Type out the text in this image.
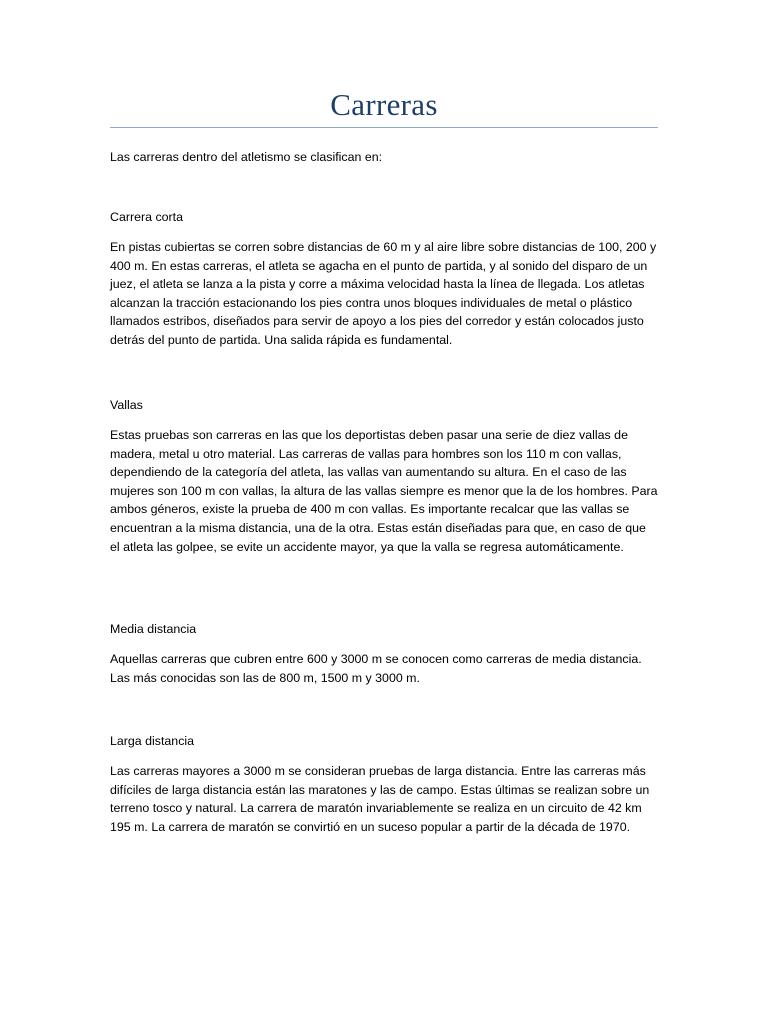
Carreras

Las carreras dentro del atletismo se clasifican en:

Carrera corta

En pistas cubiertas se corren sobre distancias de 60 m y al aire libre sobre distancias de 100, 200 y 400 m. En estas carreras, el atleta se agacha en el punto de partida, y al sonido del disparo de un juez, el atleta se lanza a la pista y corre a máxima velocidad hasta la línea de llegada. Los atletas alcanzan la tracción estacionando los pies contra unos bloques individuales de metal o plástico llamados estribos, diseñados para servir de apoyo a los pies del corredor y están colocados justo detrás del punto de partida. Una salida rápida es fundamental.

Vallas

Estas pruebas son carreras en las que los deportistas deben pasar una serie de diez vallas de madera, metal u otro material. Las carreras de vallas para hombres son los 110 m con vallas, dependiendo de la categoría del atleta, las vallas van aumentando su altura. En el caso de las mujeres son 100 m con vallas, la altura de las vallas siempre es menor que la de los hombres. Para ambos géneros, existe la prueba de 400 m con vallas. Es importante recalcar que las vallas se encuentran a la misma distancia, una de la otra. Estas están diseñadas para que, en caso de que el atleta las golpee, se evite un accidente mayor, ya que la valla se regresa automáticamente.

Media distancia

Aquellas carreras que cubren entre 600 y 3000 m se conocen como carreras de media distancia. Las más conocidas son las de 800 m, 1500 m y 3000 m.

Larga distancia

Las carreras mayores a 3000 m se consideran pruebas de larga distancia. Entre las carreras más difíciles de larga distancia están las maratones y las de campo. Estas últimas se realizan sobre un terreno tosco y natural. La carrera de maratón invariablemente se realiza en un circuito de 42 km 195 m. La carrera de maratón se convirtió en un suceso popular a partir de la década de 1970.
